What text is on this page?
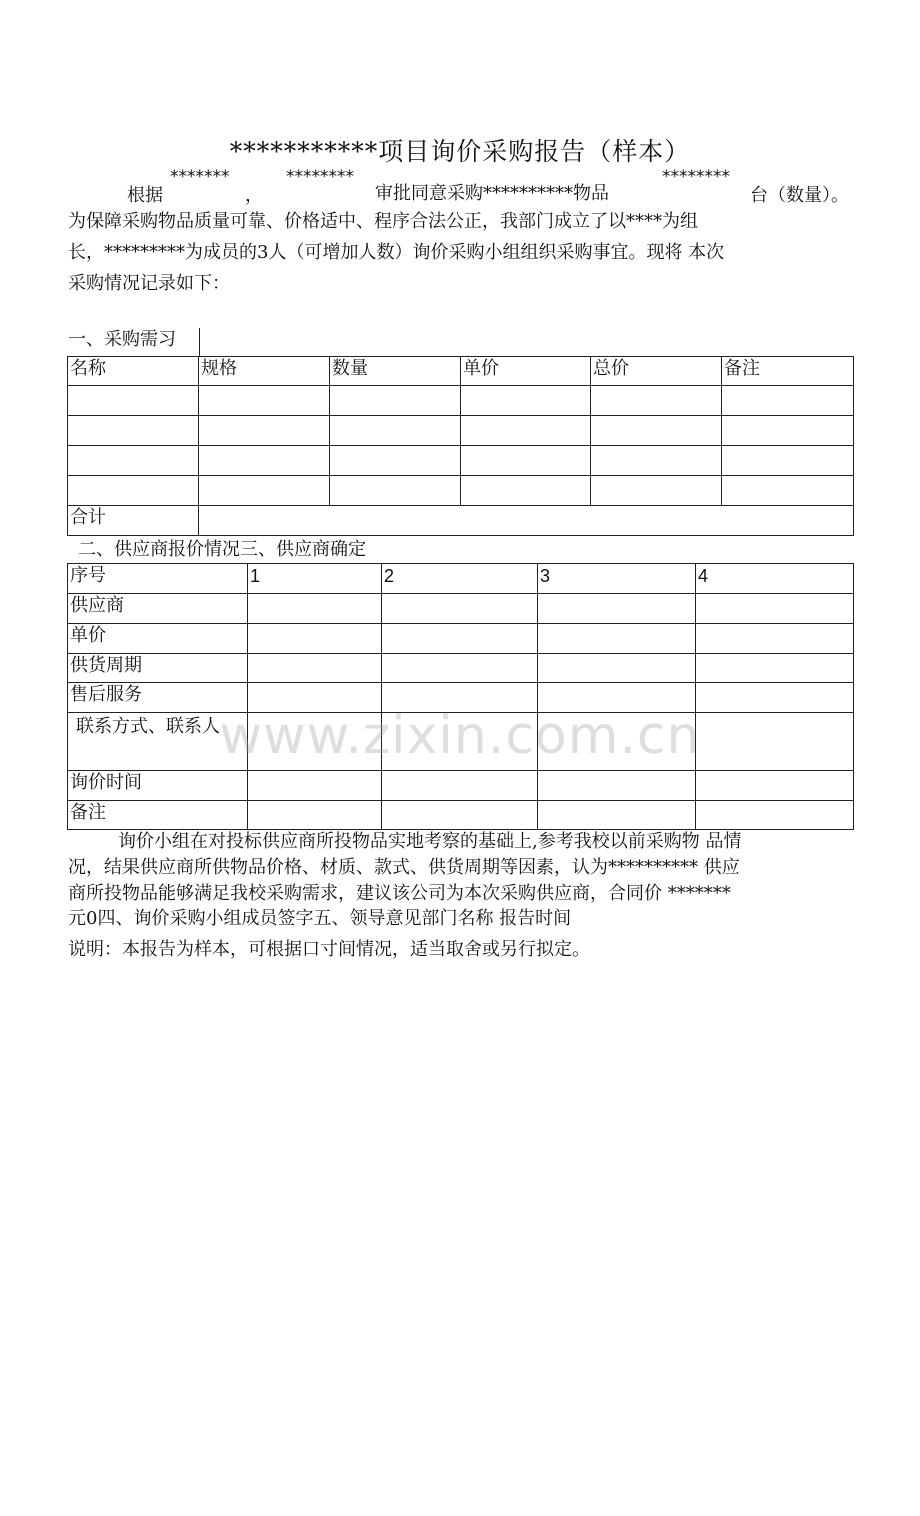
***********项目询价采购报告（样本）
根据
*******
，
********
审批同意采购**********物品
********
台（数量）。
为保障采购物品质量可靠、价格适中、程序合法公正，我部门成立了以****为组
长，*********为成员的3人（可增加人数）询价采购小组组织采购事宜。现将 本次
采购情况记录如下：
一、采购需习
名称	规格	数量	单价	总价	备注

合计					
二、供应商报价情况三、供应商确定
序号	1	2	3	4
供应商				
单价				
供货周期				
售后服务				
联系方式、联系人				
询价时间				
备注				
www.zixin.com.cn
询价小组在对投标供应商所投物品实地考察的基础上,参考我校以前采购物 品情
况，结果供应商所供物品价格、材质、款式、供货周期等因素，认为********** 供应
商所投物品能够满足我校采购需求，建议该公司为本次采购供应商，合同价 *******
元0四、询价采购小组成员签字五、领导意见部门名称 报告时间
说明：本报告为样本，可根据口寸间情况，适当取舍或另行拟定。
